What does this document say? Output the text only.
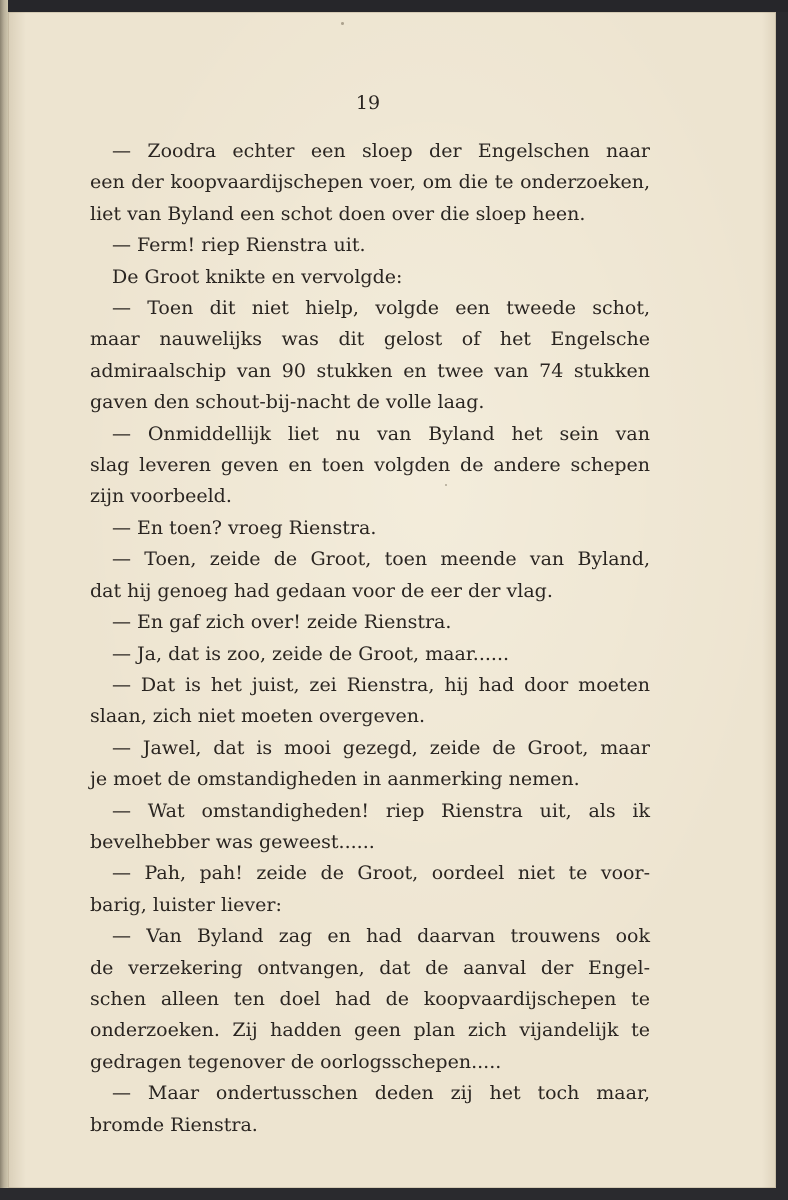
19
— Zoodra echter een sloep der Engelschen naar
een der koopvaardijschepen voer, om die te onderzoeken,
liet van Byland een schot doen over die sloep heen.
— Ferm! riep Rienstra uit.
De Groot knikte en vervolgde:
— Toen dit niet hielp, volgde een tweede schot,
maar nauwelijks was dit gelost of het Engelsche
admiraalschip van 90 stukken en twee van 74 stukken
gaven den schout-bij-nacht de volle laag.
— Onmiddellijk liet nu van Byland het sein van
slag leveren geven en toen volgden de andere schepen
zijn voorbeeld.
— En toen? vroeg Rienstra.
— Toen, zeide de Groot, toen meende van Byland,
dat hij genoeg had gedaan voor de eer der vlag.
— En gaf zich over! zeide Rienstra.
— Ja, dat is zoo, zeide de Groot, maar......
— Dat is het juist, zei Rienstra, hij had door moeten
slaan, zich niet moeten overgeven.
— Jawel, dat is mooi gezegd, zeide de Groot, maar
je moet de omstandigheden in aanmerking nemen.
— Wat omstandigheden! riep Rienstra uit, als ik
bevelhebber was geweest......
— Pah, pah! zeide de Groot, oordeel niet te voor-
barig, luister liever:
— Van Byland zag en had daarvan trouwens ook
de verzekering ontvangen, dat de aanval der Engel-
schen alleen ten doel had de koopvaardijschepen te
onderzoeken. Zij hadden geen plan zich vijandelijk te
gedragen tegenover de oorlogsschepen.....
— Maar ondertusschen deden zij het toch maar,
bromde Rienstra.
